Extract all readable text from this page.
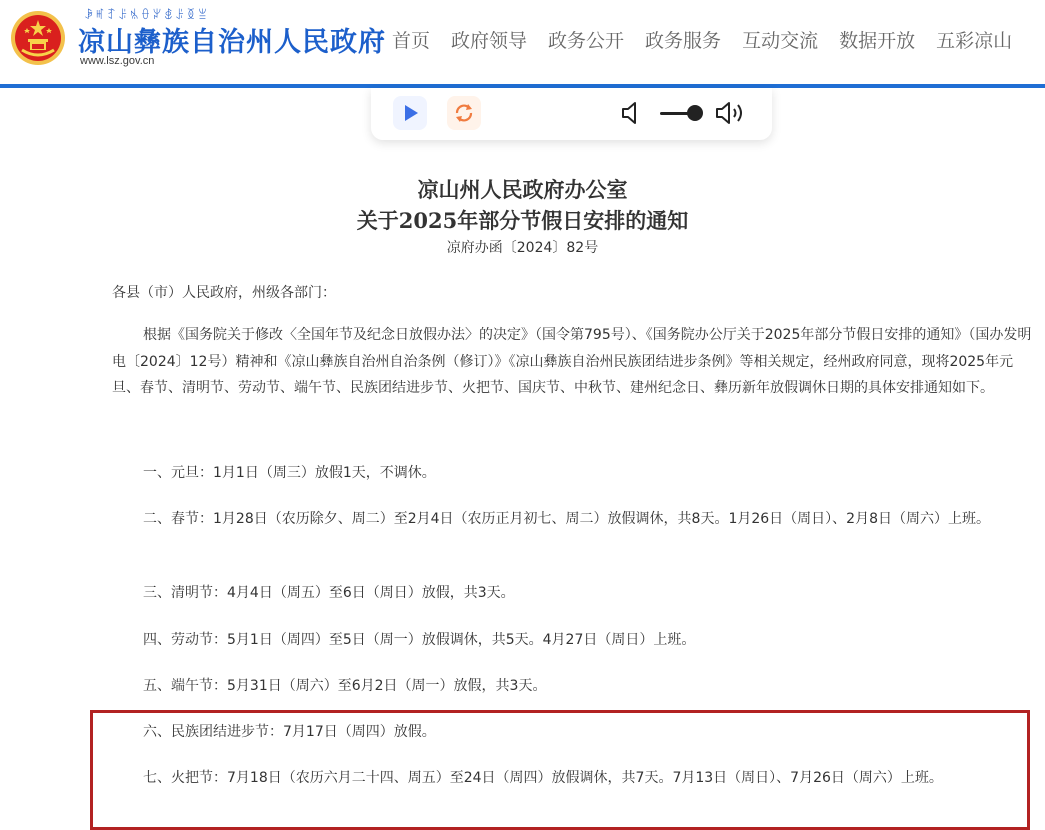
ꆃꎭꆈꌠꁱꂷꏃꇅꌠꅉꁈ
凉山彝族自治州人民政府
www.lsz.gov.cn
首页 政府领导 政务公开 政务服务 互动交流 数据开放 五彩凉山
凉山州人民政府办公室
关于2025年部分节假日安排的通知
凉府办函〔2024〕82号
各县（市）人民政府，州级各部门：
根据《国务院关于修改〈全国年节及纪念日放假办法〉的决定》（国令第795号）、《国务院办公厅关于2025年部分节假日安排的通知》（国办发明电〔2024〕12号）精神和《凉山彝族自治州自治条例（修订）》《凉山彝族自治州民族团结进步条例》等相关规定，经州政府同意，现将2025年元旦、春节、清明节、劳动节、端午节、民族团结进步节、火把节、国庆节、中秋节、建州纪念日、彝历新年放假调休日期的具体安排通知如下。
一、元旦：1月1日（周三）放假1天，不调休。
二、春节：1月28日（农历除夕、周二）至2月4日（农历正月初七、周二）放假调休，共8天。1月26日（周日）、2月8日（周六）上班。
三、清明节：4月4日（周五）至6日（周日）放假，共3天。
四、劳动节：5月1日（周四）至5日（周一）放假调休，共5天。4月27日（周日）上班。
五、端午节：5月31日（周六）至6月2日（周一）放假，共3天。
六、民族团结进步节：7月17日（周四）放假。
七、火把节：7月18日（农历六月二十四、周五）至24日（周四）放假调休，共7天。7月13日（周日）、7月26日（周六）上班。
